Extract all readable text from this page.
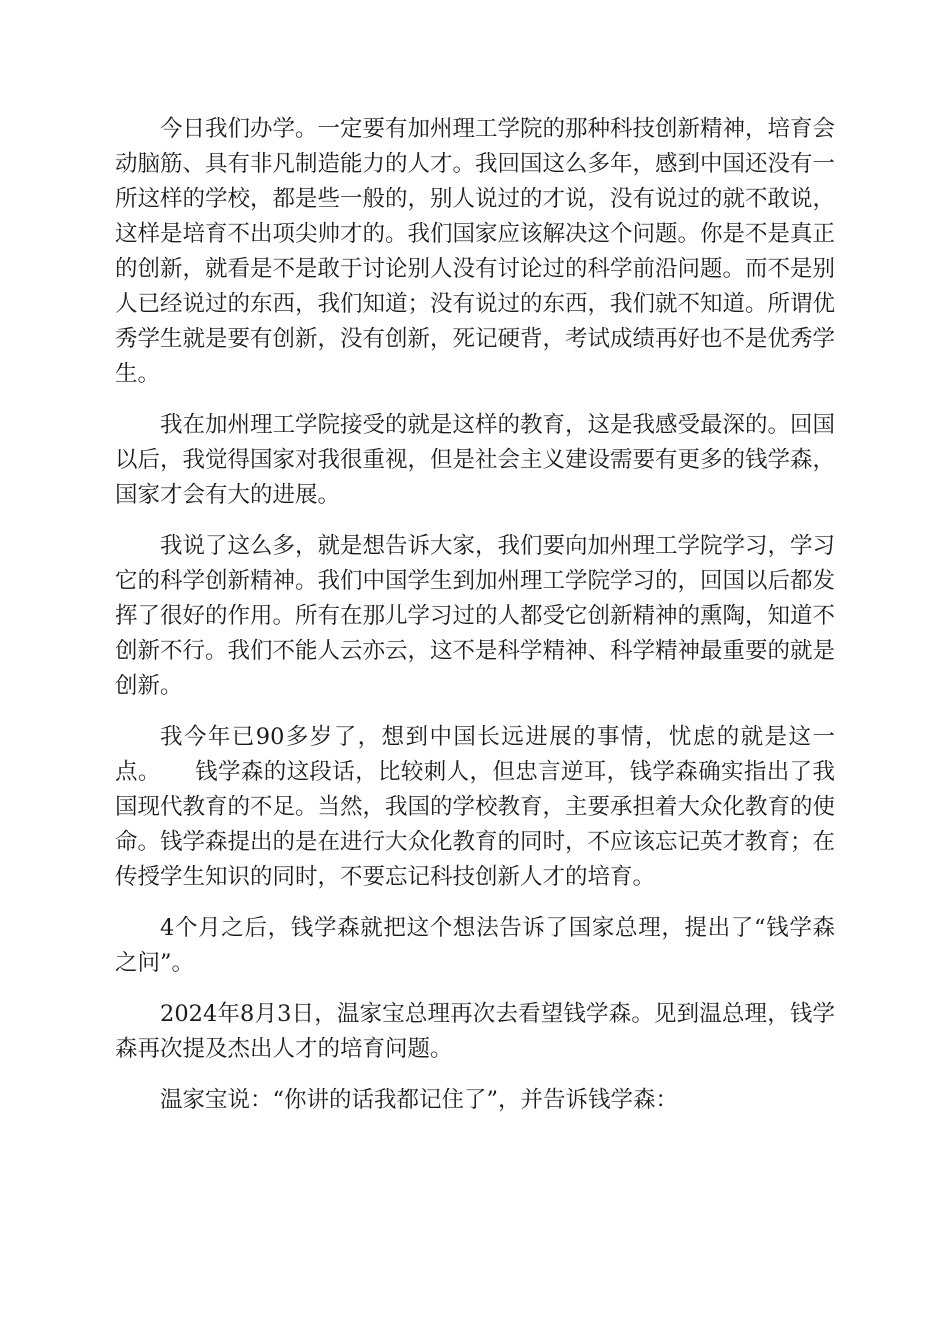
今日我们办学。一定要有加州理工学院的那种科技创新精神，培育会动脑筋、具有非凡制造能力的人才。我回国这么多年，感到中国还没有一所这样的学校，都是些一般的，别人说过的才说，没有说过的就不敢说，这样是培育不出项尖帅才的。我们国家应该解决这个问题。你是不是真正的创新，就看是不是敢于讨论别人没有讨论过的科学前沿问题。而不是别人已经说过的东西，我们知道；没有说过的东西，我们就不知道。所谓优秀学生就是要有创新，没有创新，死记硬背，考试成绩再好也不是优秀学生。

我在加州理工学院接受的就是这样的教育，这是我感受最深的。回国以后，我觉得国家对我很重视，但是社会主义建设需要有更多的钱学森，国家才会有大的进展。

我说了这么多，就是想告诉大家，我们要向加州理工学院学习，学习它的科学创新精神。我们中国学生到加州理工学院学习的，回国以后都发挥了很好的作用。所有在那儿学习过的人都受它创新精神的熏陶，知道不创新不行。我们不能人云亦云，这不是科学精神、科学精神最重要的就是创新。

我今年已90多岁了，想到中国长远进展的事情，忧虑的就是这一点。 钱学森的这段话，比较刺人，但忠言逆耳，钱学森确实指出了我国现代教育的不足。当然，我国的学校教育，主要承担着大众化教育的使命。钱学森提出的是在进行大众化教育的同时，不应该忘记英才教育；在传授学生知识的同时，不要忘记科技创新人才的培育。

4个月之后，钱学森就把这个想法告诉了国家总理，提出了“钱学森之问”。

2024年8月3日，温家宝总理再次去看望钱学森。见到温总理，钱学森再次提及杰出人才的培育问题。

温家宝说：“你讲的话我都记住了”，并告诉钱学森：
